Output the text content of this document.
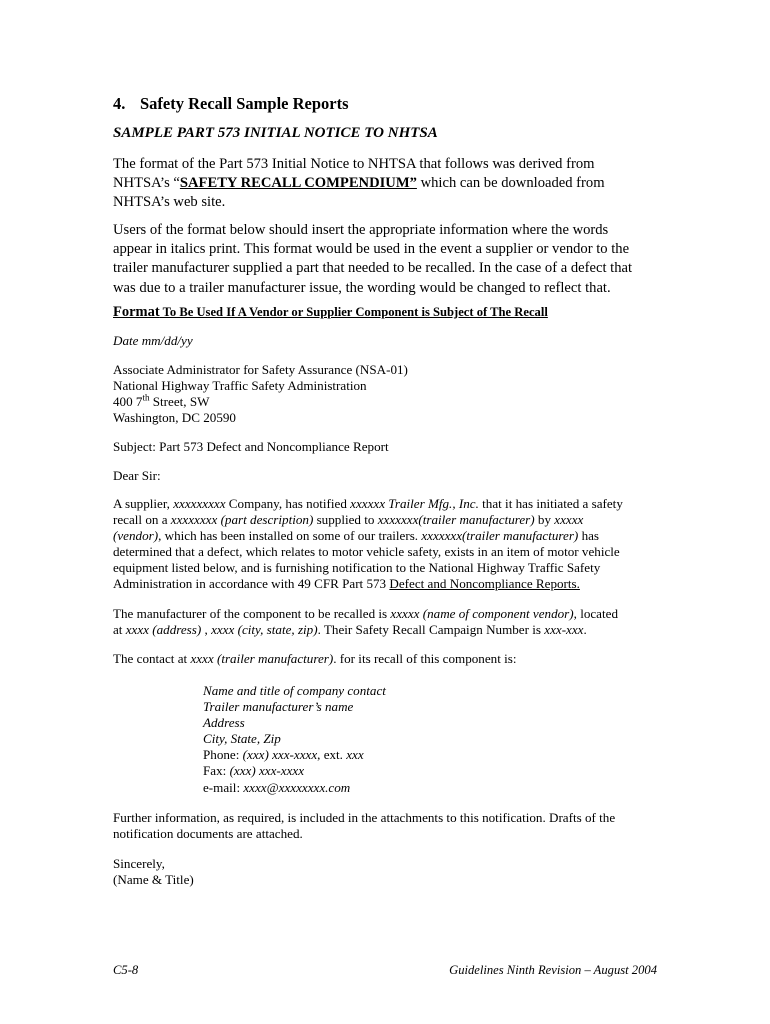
4. Safety Recall Sample Reports
SAMPLE PART 573 INITIAL NOTICE TO NHTSA
The format of the Part 573 Initial Notice to NHTSA that follows was derived from
NHTSA’s “SAFETY RECALL COMPENDIUM” which can be downloaded from
NHTSA’s web site.
Users of the format below should insert the appropriate information where the words
appear in italics print. This format would be used in the event a supplier or vendor to the
trailer manufacturer supplied a part that needed to be recalled. In the case of a defect that
was due to a trailer manufacturer issue, the wording would be changed to reflect that.
Format To Be Used If A Vendor or Supplier Component is Subject of The Recall
Date mm/dd/yy
Associate Administrator for Safety Assurance (NSA-01)
National Highway Traffic Safety Administration
400 7th Street, SW
Washington, DC 20590
Subject: Part 573 Defect and Noncompliance Report
Dear Sir:
A supplier, xxxxxxxxx Company, has notified xxxxxx Trailer Mfg., Inc. that it has initiated a safety
recall on a xxxxxxxx (part description) supplied to xxxxxxx(trailer manufacturer) by xxxxx
(vendor), which has been installed on some of our trailers. xxxxxxx(trailer manufacturer) has
determined that a defect, which relates to motor vehicle safety, exists in an item of motor vehicle
equipment listed below, and is furnishing notification to the National Highway Traffic Safety
Administration in accordance with 49 CFR Part 573 Defect and Noncompliance Reports.
The manufacturer of the component to be recalled is xxxxx (name of component vendor), located
at xxxx (address) , xxxx (city, state, zip). Their Safety Recall Campaign Number is xxx-xxx.
The contact at xxxx (trailer manufacturer). for its recall of this component is:
Name and title of company contact
Trailer manufacturer’s name
Address
City, State, Zip
Phone: (xxx) xxx-xxxx, ext. xxx
Fax: (xxx) xxx-xxxx
e-mail: xxxx@xxxxxxxx.com
Further information, as required, is included in the attachments to this notification. Drafts of the
notification documents are attached.
Sincerely,
(Name & Title)
C5-8	Guidelines Ninth Revision – August 2004
